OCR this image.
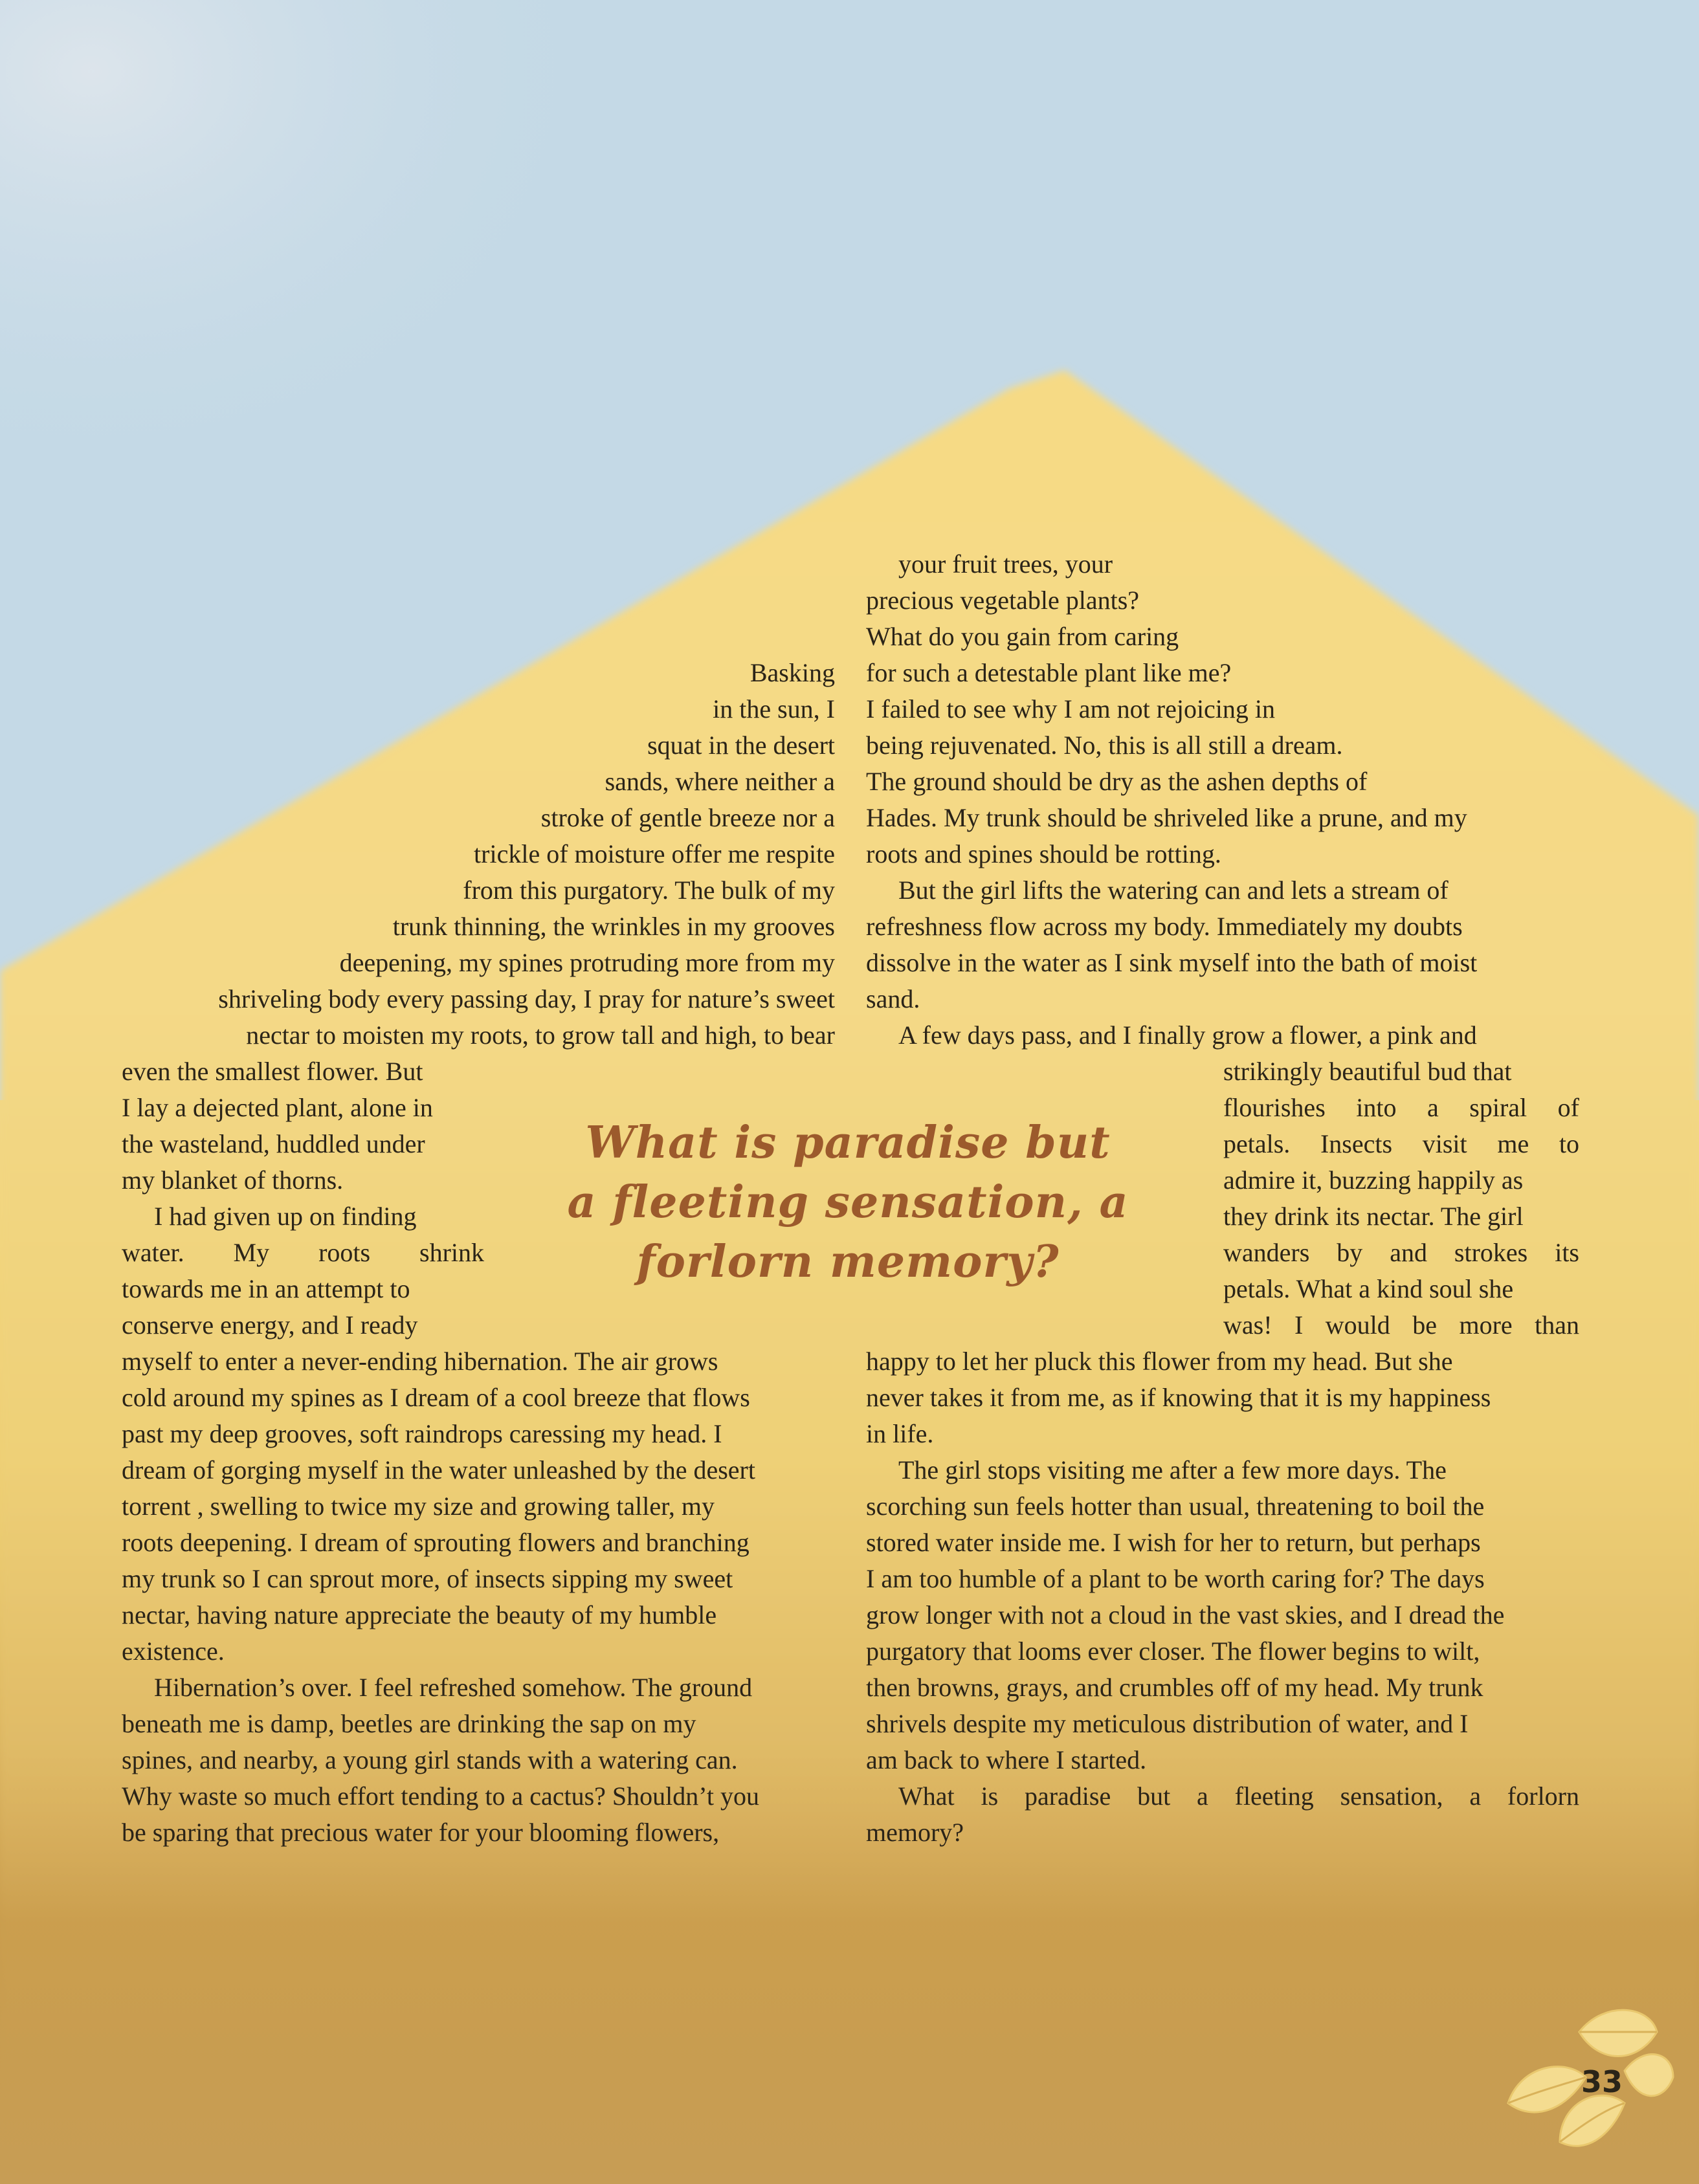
Basking
in the sun, I
squat in the desert
sands, where neither a
stroke of gentle breeze nor a
trickle of moisture offer me respite
from this purgatory. The bulk of my
trunk thinning, the wrinkles in my grooves
deepening, my spines protruding more from my
shriveling body every passing day, I pray for nature’s sweet
nectar to moisten my roots, to grow tall and high, to bear
even the smallest flower. But
I lay a dejected plant, alone in
the wasteland, huddled under
my blanket of thorns.
I had given up on finding
water. My roots shrink
towards me in an attempt to
conserve energy, and I ready
myself to enter a never-ending hibernation. The air grows
cold around my spines as I dream of a cool breeze that flows
past my deep grooves, soft raindrops caressing my head. I
dream of gorging myself in the water unleashed by the desert
torrent , swelling to twice my size and growing taller, my
roots deepening. I dream of sprouting flowers and branching
my trunk so I can sprout more, of insects sipping my sweet
nectar, having nature appreciate the beauty of my humble
existence.
Hibernation’s over. I feel refreshed somehow. The ground
beneath me is damp, beetles are drinking the sap on my
spines, and nearby, a young girl stands with a watering can.
Why waste so much effort tending to a cactus? Shouldn’t you
be sparing that precious water for your blooming flowers,
your fruit trees, your
precious vegetable plants?
What do you gain from caring
for such a detestable plant like me?
I failed to see why I am not rejoicing in
being rejuvenated. No, this is all still a dream.
The ground should be dry as the ashen depths of
Hades. My trunk should be shriveled like a prune, and my
roots and spines should be rotting.
But the girl lifts the watering can and lets a stream of
refreshness flow across my body. Immediately my doubts
dissolve in the water as I sink myself into the bath of moist
sand.
A few days pass, and I finally grow a flower, a pink and
strikingly beautiful bud that
flourishes into a spiral of
petals. Insects visit me to
admire it, buzzing happily as
they drink its nectar. The girl
wanders by and strokes its
petals. What a kind soul she
was! I would be more than
happy to let her pluck this flower from my head. But she
never takes it from me, as if knowing that it is my happiness
in life.
The girl stops visiting me after a few more days. The
scorching sun feels hotter than usual, threatening to boil the
stored water inside me. I wish for her to return, but perhaps
I am too humble of a plant to be worth caring for? The days
grow longer with not a cloud in the vast skies, and I dread the
purgatory that looms ever closer. The flower begins to wilt,
then browns, grays, and crumbles off of my head. My trunk
shrivels despite my meticulous distribution of water, and I
am back to where I started.
What is paradise but a fleeting sensation, a forlorn
memory?
What is paradise but
a fleeting sensation, a
forlorn memory?
33
